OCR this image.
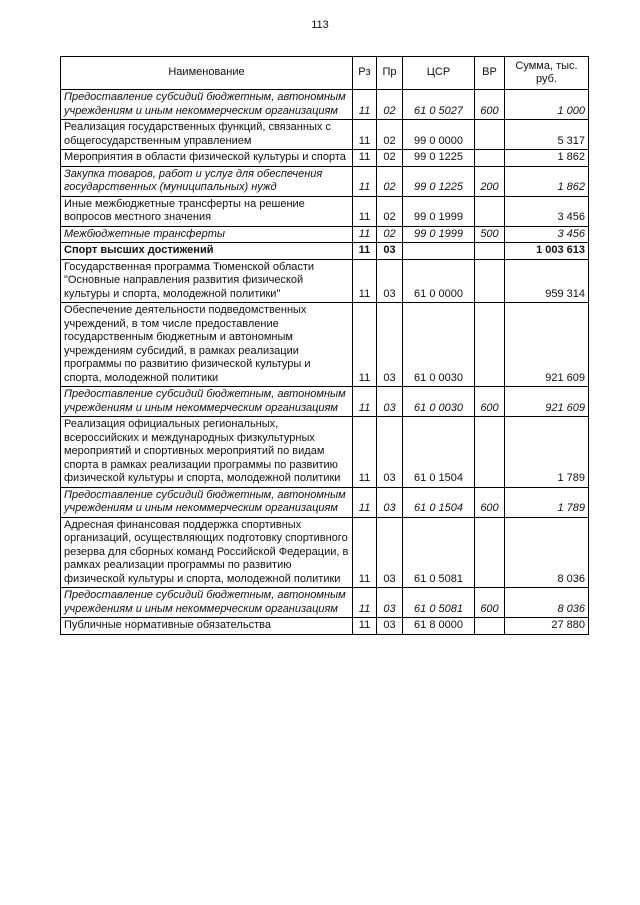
113
Наименование	Рз	Пр	ЦСР	ВР	Сумма, тыс. руб.
Предоставление субсидий бюджетным, автономным учреждениям и иным некоммерческим организациям	11	02	61 0 5027	600	1 000
Реализация государственных функций, связанных с общегосударственным управлением	11	02	99 0 0000		5 317
Мероприятия в области физической культуры и спорта	11	02	99 0 1225		1 862
Закупка товаров, работ и услуг для обеспечения государственных (муниципальных) нужд	11	02	99 0 1225	200	1 862
Иные межбюджетные трансферты на решение вопросов местного значения	11	02	99 0 1999		3 456
Межбюджетные трансферты	11	02	99 0 1999	500	3 456
Спорт высших достижений	11	03			1 003 613
Государственная программа Тюменской области "Основные направления развития физической культуры и спорта, молодежной политики"	11	03	61 0 0000		959 314
Обеспечение деятельности подведомственных учреждений, в том числе предоставление государственным бюджетным и автономным учреждениям субсидий, в рамках реализации программы по развитию физической культуры и спорта, молодежной политики	11	03	61 0 0030		921 609
Предоставление субсидий бюджетным, автономным учреждениям и иным некоммерческим организациям	11	03	61 0 0030	600	921 609
Реализация официальных региональных, всероссийских и международных физкультурных мероприятий и спортивных мероприятий по видам спорта в рамках реализации программы по развитию физической культуры и спорта, молодежной политики	11	03	61 0 1504		1 789
Предоставление субсидий бюджетным, автономным учреждениям и иным некоммерческим организациям	11	03	61 0 1504	600	1 789
Адресная финансовая поддержка спортивных организаций, осуществляющих подготовку спортивного резерва для сборных команд Российской Федерации, в рамках реализации программы по развитию физической культуры и спорта, молодежной политики	11	03	61 0 5081		8 036
Предоставление субсидий бюджетным, автономным учреждениям и иным некоммерческим организациям	11	03	61 0 5081	600	8 036
Публичные нормативные обязательства	11	03	61 8 0000		27 880
